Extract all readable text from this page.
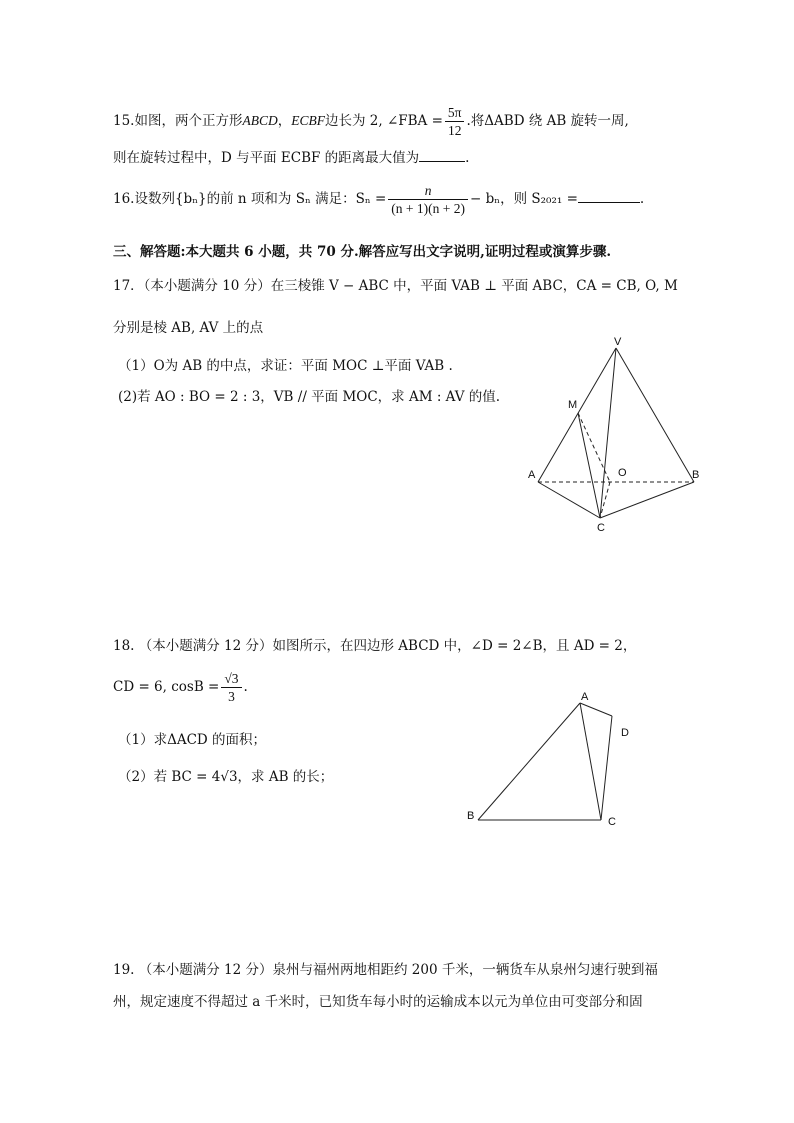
15.如图，两个正方形ABCD，ECBF边长为 2, ∠FBA = $\frac{5\pi}{12}$ .将ΔABD 绕 AB 旋转一周,
则在旋转过程中，D 与平面 ECBF 的距离最大值为	.
16.设数列{bₙ}的前 n 项和为 Sₙ 满足：$S_n = \frac{n}{(n + 1)(n + 2)} - b_n$，则 S₂₀₂₁ =	.
三、解答题:本大题共 6 小题，共 70 分.解答应写出文字说明,证明过程或演算步骤.
17．（本小题满分 10 分）在三棱锥 V − ABC 中，平面 VAB ⊥ 平面 ABC，CA = CB, O, M
分别是棱 AB, AV 上的点
（1）O为 AB 的中点，求证：平面 MOC ⊥平面 VAB .
(2)若 AO : BO = 2 : 3，VB // 平面 MOC，求 AM : AV 的值.
V
M
A	O	B
C
18. （本小题满分 12 分）如图所示，在四边形 ABCD 中，∠D = 2∠B，且 AD = 2，
CD = 6, $\cos B = \frac{√3}{3}$ .
（1）求ΔACD 的面积；
（2）若 BC = 4√3，求 AB 的长；
A
D
B	C
19. （本小题满分 12 分）泉州与福州两地相距约 200 千米，一辆货车从泉州匀速行驶到福
州，规定速度不得超过 a 千米时，已知货车每小时的运输成本以元为单位由可变部分和固
